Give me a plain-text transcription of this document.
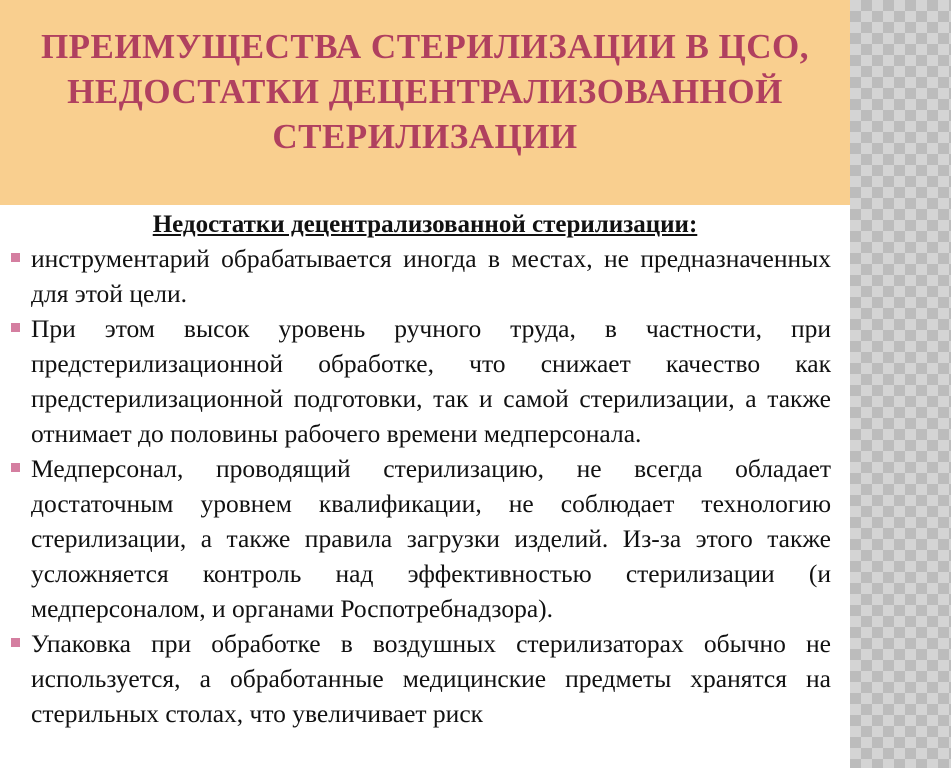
ПРЕИМУЩЕСТВА СТЕРИЛИЗАЦИИ В ЦСО,
НЕДОСТАТКИ ДЕЦЕНТРАЛИЗОВАННОЙ
СТЕРИЛИЗАЦИИ
Недостатки децентрализованной стерилизации:
инструментарий обрабатывается иногда в местах, не предназначенных для этой цели.
При этом высок уровень ручного труда, в частности, при предстерилизационной обработке, что снижает качество как предстерилизационной подготовки, так и самой стерилизации, а также отнимает до половины рабочего времени медперсонала.
Медперсонал, проводящий стерилизацию, не всегда обладает достаточным уровнем квалификации, не соблюдает технологию стерилизации, а также правила загрузки изделий. Из-за этого также усложняется контроль над эффективностью стерилизации (и медперсоналом, и органами Роспотребнадзора).
Упаковка при обработке в воздушных стерилизаторах обычно не используется, а обработанные медицинские предметы хранятся на стерильных столах, что увеличивает риск
